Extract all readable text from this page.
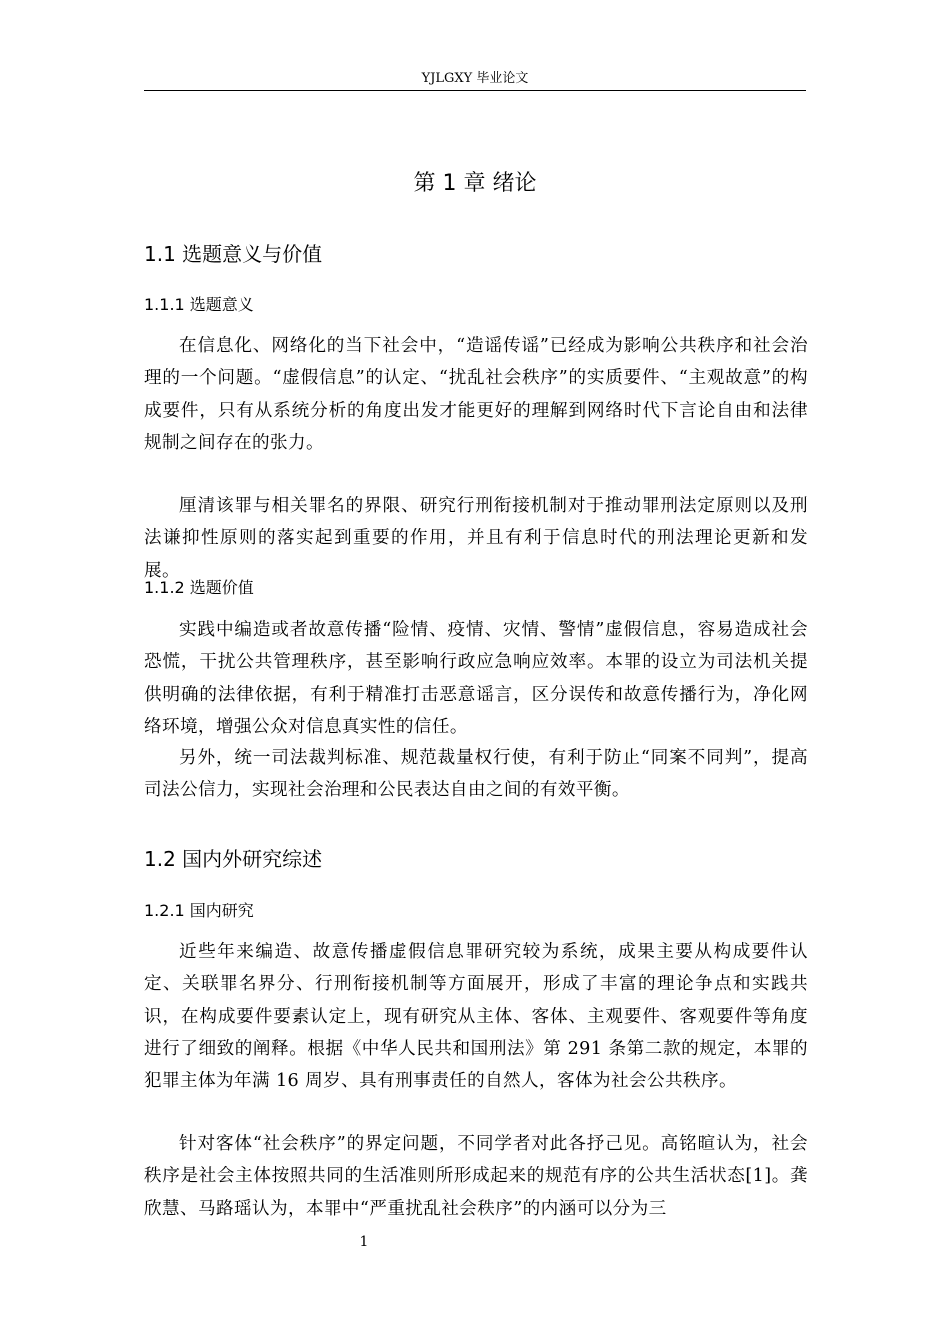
YJLGXY 毕业论文
第 1 章 绪论
1.1 选题意义与价值
1.1.1 选题意义

在信息化、网络化的当下社会中，“造谣传谣”已经成为影响公共秩序和社会治理的一个问题。“虚假信息”的认定、“扰乱社会秩序”的实质要件、“主观故意”的构成要件，只有从系统分析的角度出发才能更好的理解到网络时代下言论自由和法律规制之间存在的张力。

厘清该罪与相关罪名的界限、研究行刑衔接机制对于推动罪刑法定原则以及刑法谦抑性原则的落实起到重要的作用，并且有利于信息时代的刑法理论更新和发展。

1.1.2 选题价值

实践中编造或者故意传播“险情、疫情、灾情、警情”虚假信息，容易造成社会恐慌，干扰公共管理秩序，甚至影响行政应急响应效率。本罪的设立为司法机关提供明确的法律依据，有利于精准打击恶意谣言，区分误传和故意传播行为，净化网络环境，增强公众对信息真实性的信任。

另外，统一司法裁判标准、规范裁量权行使，有利于防止“同案不同判”，提高司法公信力，实现社会治理和公民表达自由之间的有效平衡。

1.2 国内外研究综述
1.2.1 国内研究

近些年来编造、故意传播虚假信息罪研究较为系统，成果主要从构成要件认定、关联罪名界分、行刑衔接机制等方面展开，形成了丰富的理论争点和实践共识，在构成要件要素认定上，现有研究从主体、客体、主观要件、客观要件等角度进行了细致的阐释。根据《中华人民共和国刑法》第 291 条第二款的规定，本罪的犯罪主体为年满 16 周岁、具有刑事责任的自然人，客体为社会公共秩序。

针对客体“社会秩序”的界定问题，不同学者对此各抒己见。高铭暄认为，社会秩序是社会主体按照共同的生活准则所形成起来的规范有序的公共生活状态[1]。龚欣慧、马路瑶认为，本罪中“严重扰乱社会秩序”的内涵可以分为三

1
